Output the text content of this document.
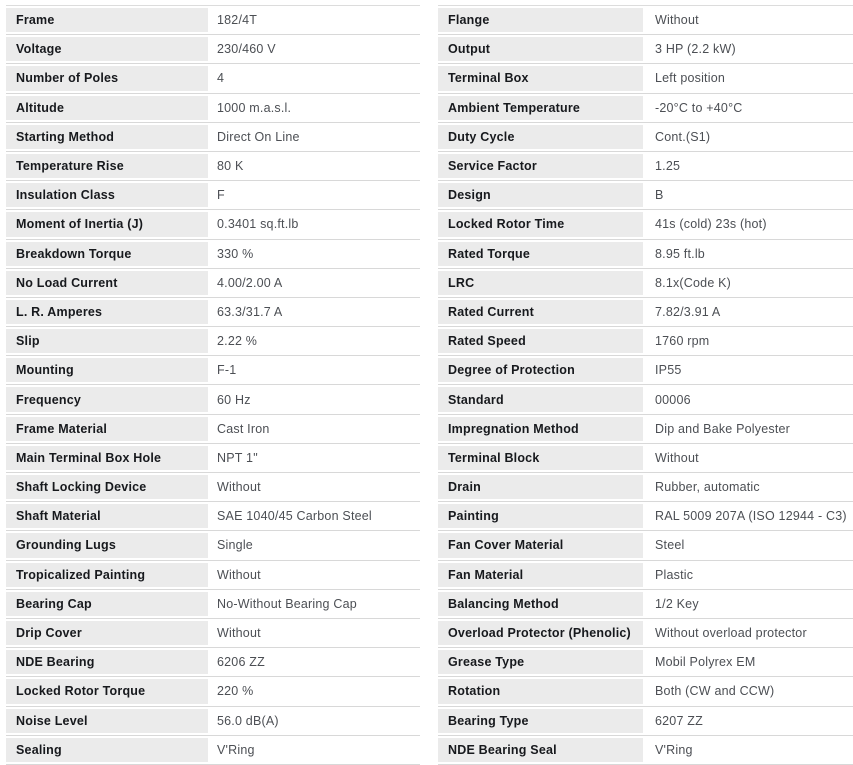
Frame	182/4T
Voltage	230/460 V
Number of Poles	4
Altitude	1000 m.a.s.l.
Starting Method	Direct On Line
Temperature Rise	80 K
Insulation Class	F
Moment of Inertia (J)	0.3401 sq.ft.lb
Breakdown Torque	330 %
No Load Current	4.00/2.00 A
L. R. Amperes	63.3/31.7 A
Slip	2.22 %
Mounting	F-1
Frequency	60 Hz
Frame Material	Cast Iron
Main Terminal Box Hole	NPT 1"
Shaft Locking Device	Without
Shaft Material	SAE 1040/45 Carbon Steel
Grounding Lugs	Single
Tropicalized Painting	Without
Bearing Cap	No-Without Bearing Cap
Drip Cover	Without
NDE Bearing	6206 ZZ
Locked Rotor Torque	220 %
Noise Level	56.0 dB(A)
Sealing	V'Ring
Flange	Without
Output	3 HP (2.2 kW)
Terminal Box	Left position
Ambient Temperature	-20°C to +40°C
Duty Cycle	Cont.(S1)
Service Factor	1.25
Design	B
Locked Rotor Time	41s (cold) 23s (hot)
Rated Torque	8.95 ft.lb
LRC	8.1x(Code K)
Rated Current	7.82/3.91 A
Rated Speed	1760 rpm
Degree of Protection	IP55
Standard	00006
Impregnation Method	Dip and Bake Polyester
Terminal Block	Without
Drain	Rubber, automatic
Painting	RAL 5009 207A (ISO 12944 - C3)
Fan Cover Material	Steel
Fan Material	Plastic
Balancing Method	1/2 Key
Overload Protector (Phenolic)	Without overload protector
Grease Type	Mobil Polyrex EM
Rotation	Both (CW and CCW)
Bearing Type	6207 ZZ
NDE Bearing Seal	V'Ring
